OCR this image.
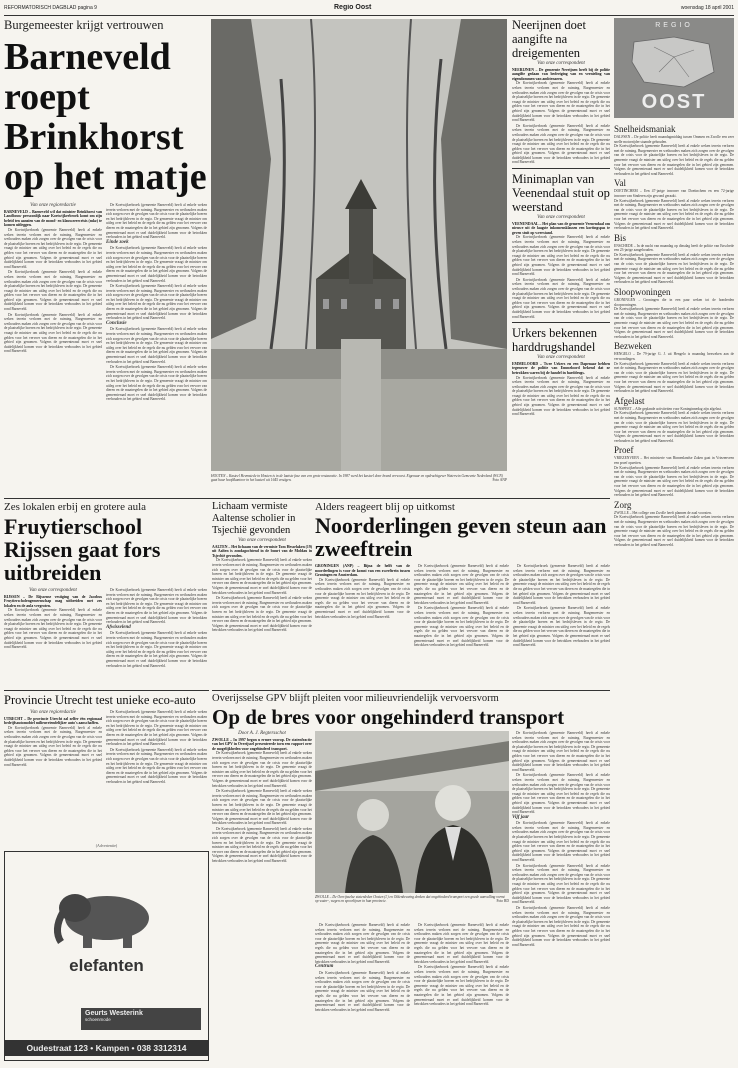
REFORMATORISCH DAGBLAD pagina 9	Regio Oost	woensdag 18 april 2001
Burgemeester krijgt vertrouwen
Barneveld roept Brinkhorst op het matje
Van onze regioredactie
BARNEVELD – Barneveld wil dat minister Brinkhorst van Landbouw persoonlijk naar Koetwijkerbroek komt om zijn beleid ten aanzien van de mond- en klauwzeercrisis (mkz) te komen uitleggen.

De Koetwijkerbroek (gemeente Barneveld) heeft al enkele weken terrein verloren met de ruiming. Burgemeester en wethouders maken zich zorgen over de gevolgen van de crisis voor de plaatselijke boeren en het bedrijfsleven in de regio. De gemeente vraagt de minister om uitleg over het beleid en de regels die nu gelden voor het vervoer van dieren en de maatregelen die in het gebied zijn genomen. Volgens de gemeenteraad moet er snel duidelijkheid komen voor de betrokken veehouders in het gebied rond Barneveld.

De Koetwijkerbroek (gemeente Barneveld) heeft al enkele weken terrein verloren met de ruiming. Burgemeester en wethouders maken zich zorgen over de gevolgen van de crisis voor de plaatselijke boeren en het bedrijfsleven in de regio. De gemeente vraagt de minister om uitleg over het beleid en de regels die nu gelden voor het vervoer van dieren en de maatregelen die in het gebied zijn genomen. Volgens de gemeenteraad moet er snel duidelijkheid komen voor de betrokken veehouders in het gebied rond Barneveld.

De Koetwijkerbroek (gemeente Barneveld) heeft al enkele weken terrein verloren met de ruiming. Burgemeester en wethouders maken zich zorgen over de gevolgen van de crisis voor de plaatselijke boeren en het bedrijfsleven in de regio. De gemeente vraagt de minister om uitleg over het beleid en de regels die nu gelden voor het vervoer van dieren en de maatregelen die in het gebied zijn genomen. Volgens de gemeenteraad moet er snel duidelijkheid komen voor de betrokken veehouders in het gebied rond Barneveld.

De Koetwijkerbroek (gemeente Barneveld) heeft al enkele weken terrein verloren met de ruiming. Burgemeester en wethouders maken zich zorgen over de gevolgen van de crisis voor de plaatselijke boeren en het bedrijfsleven in de regio. De gemeente vraagt de minister om uitleg over het beleid en de regels die nu gelden voor het vervoer van dieren en de maatregelen die in het gebied zijn genomen. Volgens de gemeenteraad moet er snel duidelijkheid komen voor de betrokken veehouders in het gebied rond Barneveld.

Einde zoek

De Koetwijkerbroek (gemeente Barneveld) heeft al enkele weken terrein verloren met de ruiming. Burgemeester en wethouders maken zich zorgen over de gevolgen van de crisis voor de plaatselijke boeren en het bedrijfsleven in de regio. De gemeente vraagt de minister om uitleg over het beleid en de regels die nu gelden voor het vervoer van dieren en de maatregelen die in het gebied zijn genomen. Volgens de gemeenteraad moet er snel duidelijkheid komen voor de betrokken veehouders in het gebied rond Barneveld.

De Koetwijkerbroek (gemeente Barneveld) heeft al enkele weken terrein verloren met de ruiming. Burgemeester en wethouders maken zich zorgen over de gevolgen van de crisis voor de plaatselijke boeren en het bedrijfsleven in de regio. De gemeente vraagt de minister om uitleg over het beleid en de regels die nu gelden voor het vervoer van dieren en de maatregelen die in het gebied zijn genomen. Volgens de gemeenteraad moet er snel duidelijkheid komen voor de betrokken veehouders in het gebied rond Barneveld.

Conclusie

De Koetwijkerbroek (gemeente Barneveld) heeft al enkele weken terrein verloren met de ruiming. Burgemeester en wethouders maken zich zorgen over de gevolgen van de crisis voor de plaatselijke boeren en het bedrijfsleven in de regio. De gemeente vraagt de minister om uitleg over het beleid en de regels die nu gelden voor het vervoer van dieren en de maatregelen die in het gebied zijn genomen. Volgens de gemeenteraad moet er snel duidelijkheid komen voor de betrokken veehouders in het gebied rond Barneveld.

De Koetwijkerbroek (gemeente Barneveld) heeft al enkele weken terrein verloren met de ruiming. Burgemeester en wethouders maken zich zorgen over de gevolgen van de crisis voor de plaatselijke boeren en het bedrijfsleven in de regio. De gemeente vraagt de minister om uitleg over het beleid en de regels die nu gelden voor het vervoer van dieren en de maatregelen die in het gebied zijn genomen. Volgens de gemeenteraad moet er snel duidelijkheid komen voor de betrokken veehouders in het gebied rond Barneveld.

HOUTEN – Kasteel Heemstede in Houten is in de laatste fase van een grote restauratie. In 1987 werd het kasteel door brand verwoest. Eigenaar en opdrachtgever Waterwin Gemeente Nederland (WCN) gaat haar hoofdkantoor in het kasteel uit 1645 vestigen.	Foto ANP
Neerijnen doet aangifte na dreigementen
Van onze correspondent
NEERIJNEN – De gemeente Neerijnen heeft bij de politie aangifte gedaan van bedreiging van en vernieling van eigendommen van ambtenaren.

De Koetwijkerbroek (gemeente Barneveld) heeft al enkele weken terrein verloren met de ruiming. Burgemeester en wethouders maken zich zorgen over de gevolgen van de crisis voor de plaatselijke boeren en het bedrijfsleven in de regio. De gemeente vraagt de minister om uitleg over het beleid en de regels die nu gelden voor het vervoer van dieren en de maatregelen die in het gebied zijn genomen. Volgens de gemeenteraad moet er snel duidelijkheid komen voor de betrokken veehouders in het gebied rond Barneveld.

De Koetwijkerbroek (gemeente Barneveld) heeft al enkele weken terrein verloren met de ruiming. Burgemeester en wethouders maken zich zorgen over de gevolgen van de crisis voor de plaatselijke boeren en het bedrijfsleven in de regio. De gemeente vraagt de minister om uitleg over het beleid en de regels die nu gelden voor het vervoer van dieren en de maatregelen die in het gebied zijn genomen. Volgens de gemeenteraad moet er snel duidelijkheid komen voor de betrokken veehouders in het gebied rond Barneveld.

Minimaplan van Veenendaal stuit op weerstand
Van onze correspondent
VEENENDAAL – Het plan van de gemeente Veenendaal om nieuwe uit de laagste inkomensklassen een kortingspas te geven stuit op weerstand.

De Koetwijkerbroek (gemeente Barneveld) heeft al enkele weken terrein verloren met de ruiming. Burgemeester en wethouders maken zich zorgen over de gevolgen van de crisis voor de plaatselijke boeren en het bedrijfsleven in de regio. De gemeente vraagt de minister om uitleg over het beleid en de regels die nu gelden voor het vervoer van dieren en de maatregelen die in het gebied zijn genomen. Volgens de gemeenteraad moet er snel duidelijkheid komen voor de betrokken veehouders in het gebied rond Barneveld.

De Koetwijkerbroek (gemeente Barneveld) heeft al enkele weken terrein verloren met de ruiming. Burgemeester en wethouders maken zich zorgen over de gevolgen van de crisis voor de plaatselijke boeren en het bedrijfsleven in de regio. De gemeente vraagt de minister om uitleg over het beleid en de regels die nu gelden voor het vervoer van dieren en de maatregelen die in het gebied zijn genomen. Volgens de gemeenteraad moet er snel duidelijkheid komen voor de betrokken veehouders in het gebied rond Barneveld.

Urkers bekennen harddrugshandel
Van onze correspondent
EMMELOORD – Twee Urkers en een Dapenaar hebben tegenover de politie van Emmeloord bekend dat ze betrokken waren bij de handel in harddrugs.

De Koetwijkerbroek (gemeente Barneveld) heeft al enkele weken terrein verloren met de ruiming. Burgemeester en wethouders maken zich zorgen over de gevolgen van de crisis voor de plaatselijke boeren en het bedrijfsleven in de regio. De gemeente vraagt de minister om uitleg over het beleid en de regels die nu gelden voor het vervoer van dieren en de maatregelen die in het gebied zijn genomen. Volgens de gemeenteraad moet er snel duidelijkheid komen voor de betrokken veehouders in het gebied rond Barneveld.

REGIO
OOST
Snelheidsmaniak
DALFSEN – De politie heeft maandagmiddag tussen Ommen en Zwolle een zeer snelle motorrijder staande gehouden.
De Koetwijkerbroek (gemeente Barneveld) heeft al enkele weken terrein verloren met de ruiming. Burgemeester en wethouders maken zich zorgen over de gevolgen van de crisis voor de plaatselijke boeren en het bedrijfsleven in de regio. De gemeente vraagt de minister om uitleg over het beleid en de regels die nu gelden voor het vervoer van dieren en de maatregelen die in het gebied zijn genomen. Volgens de gemeenteraad moet er snel duidelijkheid komen voor de betrokken veehouders in het gebied rond Barneveld.
Val
DOETINCHEM – Een 47-jarige inwoner van Doetinchem en een 72-jarige inwoner van Sinderen zijn gewond geraakt.
De Koetwijkerbroek (gemeente Barneveld) heeft al enkele weken terrein verloren met de ruiming. Burgemeester en wethouders maken zich zorgen over de gevolgen van de crisis voor de plaatselijke boeren en het bedrijfsleven in de regio. De gemeente vraagt de minister om uitleg over het beleid en de regels die nu gelden voor het vervoer van dieren en de maatregelen die in het gebied zijn genomen. Volgens de gemeenteraad moet er snel duidelijkheid komen voor de betrokken veehouders in het gebied rond Barneveld.
Bis
ENSCHEDE – In de nacht van maandag op dinsdag heeft de politie van Enschede een 23-jarige aangehouden.
De Koetwijkerbroek (gemeente Barneveld) heeft al enkele weken terrein verloren met de ruiming. Burgemeester en wethouders maken zich zorgen over de gevolgen van de crisis voor de plaatselijke boeren en het bedrijfsleven in de regio. De gemeente vraagt de minister om uitleg over het beleid en de regels die nu gelden voor het vervoer van dieren en de maatregelen die in het gebied zijn genomen. Volgens de gemeenteraad moet er snel duidelijkheid komen voor de betrokken veehouders in het gebied rond Barneveld.
Sloopwoningen
GRONINGEN – Groningen die in een paar weken tot de honderden sloopwoningen.
De Koetwijkerbroek (gemeente Barneveld) heeft al enkele weken terrein verloren met de ruiming. Burgemeester en wethouders maken zich zorgen over de gevolgen van de crisis voor de plaatselijke boeren en het bedrijfsleven in de regio. De gemeente vraagt de minister om uitleg over het beleid en de regels die nu gelden voor het vervoer van dieren en de maatregelen die in het gebied zijn genomen. Volgens de gemeenteraad moet er snel duidelijkheid komen voor de betrokken veehouders in het gebied rond Barneveld.
Bezweken
HENGELO – De 79-jarige G. J. uit Hengelo is maandag bezweken aan de verwondingen.
De Koetwijkerbroek (gemeente Barneveld) heeft al enkele weken terrein verloren met de ruiming. Burgemeester en wethouders maken zich zorgen over de gevolgen van de crisis voor de plaatselijke boeren en het bedrijfsleven in de regio. De gemeente vraagt de minister om uitleg over het beleid en de regels die nu gelden voor het vervoer van dieren en de maatregelen die in het gebied zijn genomen. Volgens de gemeenteraad moet er snel duidelijkheid komen voor de betrokken veehouders in het gebied rond Barneveld.
Afgelast
SUNSPEET – Alle geplande activiteiten voor Koninginnedag zijn afgelast.
De Koetwijkerbroek (gemeente Barneveld) heeft al enkele weken terrein verloren met de ruiming. Burgemeester en wethouders maken zich zorgen over de gevolgen van de crisis voor de plaatselijke boeren en het bedrijfsleven in de regio. De gemeente vraagt de minister om uitleg over het beleid en de regels die nu gelden voor het vervoer van dieren en de maatregelen die in het gebied zijn genomen. Volgens de gemeenteraad moet er snel duidelijkheid komen voor de betrokken veehouders in het gebied rond Barneveld.
Proef
VRIEZENVEEN – Het ministerie van Binnenlandse Zaken gaat in Vriezenveen een proef opzetten.
De Koetwijkerbroek (gemeente Barneveld) heeft al enkele weken terrein verloren met de ruiming. Burgemeester en wethouders maken zich zorgen over de gevolgen van de crisis voor de plaatselijke boeren en het bedrijfsleven in de regio. De gemeente vraagt de minister om uitleg over het beleid en de regels die nu gelden voor het vervoer van dieren en de maatregelen die in het gebied zijn genomen. Volgens de gemeenteraad moet er snel duidelijkheid komen voor de betrokken veehouders in het gebied rond Barneveld.
Zorg
ZWOLLE – Het college van Zwolle heeft plannen de zaal voorzien.
De Koetwijkerbroek (gemeente Barneveld) heeft al enkele weken terrein verloren met de ruiming. Burgemeester en wethouders maken zich zorgen over de gevolgen van de crisis voor de plaatselijke boeren en het bedrijfsleven in de regio. De gemeente vraagt de minister om uitleg over het beleid en de regels die nu gelden voor het vervoer van dieren en de maatregelen die in het gebied zijn genomen. Volgens de gemeenteraad moet er snel duidelijkheid komen voor de betrokken veehouders in het gebied rond Barneveld.
Zes lokalen erbij en grotere aula
Fruytierschool Rijssen gaat fors uitbreiden
Van onze correspondent
RIJSSEN – De Rijssense vestiging van de Jacobus Fruytierscholengemeenschap mag uitbreiden met zes lokalen en de aula vergroten.

De Koetwijkerbroek (gemeente Barneveld) heeft al enkele weken terrein verloren met de ruiming. Burgemeester en wethouders maken zich zorgen over de gevolgen van de crisis voor de plaatselijke boeren en het bedrijfsleven in de regio. De gemeente vraagt de minister om uitleg over het beleid en de regels die nu gelden voor het vervoer van dieren en de maatregelen die in het gebied zijn genomen. Volgens de gemeenteraad moet er snel duidelijkheid komen voor de betrokken veehouders in het gebied rond Barneveld.

De Koetwijkerbroek (gemeente Barneveld) heeft al enkele weken terrein verloren met de ruiming. Burgemeester en wethouders maken zich zorgen over de gevolgen van de crisis voor de plaatselijke boeren en het bedrijfsleven in de regio. De gemeente vraagt de minister om uitleg over het beleid en de regels die nu gelden voor het vervoer van dieren en de maatregelen die in het gebied zijn genomen. Volgens de gemeenteraad moet er snel duidelijkheid komen voor de betrokken veehouders in het gebied rond Barneveld.

Afwisselend

De Koetwijkerbroek (gemeente Barneveld) heeft al enkele weken terrein verloren met de ruiming. Burgemeester en wethouders maken zich zorgen over de gevolgen van de crisis voor de plaatselijke boeren en het bedrijfsleven in de regio. De gemeente vraagt de minister om uitleg over het beleid en de regels die nu gelden voor het vervoer van dieren en de maatregelen die in het gebied zijn genomen. Volgens de gemeenteraad moet er snel duidelijkheid komen voor de betrokken veehouders in het gebied rond Barneveld.

Lichaam vermiste Aaltense scholier in Tsjechië gevonden
Van onze correspondent
AALTEN – Het lichaam van de vermiste Tom Hesselaken (19) uit Aalten is zondagochtend in de buurt van de Moldau in Tsjechië gevonden.

De Koetwijkerbroek (gemeente Barneveld) heeft al enkele weken terrein verloren met de ruiming. Burgemeester en wethouders maken zich zorgen over de gevolgen van de crisis voor de plaatselijke boeren en het bedrijfsleven in de regio. De gemeente vraagt de minister om uitleg over het beleid en de regels die nu gelden voor het vervoer van dieren en de maatregelen die in het gebied zijn genomen. Volgens de gemeenteraad moet er snel duidelijkheid komen voor de betrokken veehouders in het gebied rond Barneveld.

De Koetwijkerbroek (gemeente Barneveld) heeft al enkele weken terrein verloren met de ruiming. Burgemeester en wethouders maken zich zorgen over de gevolgen van de crisis voor de plaatselijke boeren en het bedrijfsleven in de regio. De gemeente vraagt de minister om uitleg over het beleid en de regels die nu gelden voor het vervoer van dieren en de maatregelen die in het gebied zijn genomen. Volgens de gemeenteraad moet er snel duidelijkheid komen voor de betrokken veehouders in het gebied rond Barneveld.

Alders reageert blij op uitkomst
Noorderlingen geven steun aan zweeftrein
GRONINGEN (ANP) – Bijna de helft van de noorderlingen is voor de komst van een zweeftrein tussen Groningen en Amsterdam.

De Koetwijkerbroek (gemeente Barneveld) heeft al enkele weken terrein verloren met de ruiming. Burgemeester en wethouders maken zich zorgen over de gevolgen van de crisis voor de plaatselijke boeren en het bedrijfsleven in de regio. De gemeente vraagt de minister om uitleg over het beleid en de regels die nu gelden voor het vervoer van dieren en de maatregelen die in het gebied zijn genomen. Volgens de gemeenteraad moet er snel duidelijkheid komen voor de betrokken veehouders in het gebied rond Barneveld.

De Koetwijkerbroek (gemeente Barneveld) heeft al enkele weken terrein verloren met de ruiming. Burgemeester en wethouders maken zich zorgen over de gevolgen van de crisis voor de plaatselijke boeren en het bedrijfsleven in de regio. De gemeente vraagt de minister om uitleg over het beleid en de regels die nu gelden voor het vervoer van dieren en de maatregelen die in het gebied zijn genomen. Volgens de gemeenteraad moet er snel duidelijkheid komen voor de betrokken veehouders in het gebied rond Barneveld.

De Koetwijkerbroek (gemeente Barneveld) heeft al enkele weken terrein verloren met de ruiming. Burgemeester en wethouders maken zich zorgen over de gevolgen van de crisis voor de plaatselijke boeren en het bedrijfsleven in de regio. De gemeente vraagt de minister om uitleg over het beleid en de regels die nu gelden voor het vervoer van dieren en de maatregelen die in het gebied zijn genomen. Volgens de gemeenteraad moet er snel duidelijkheid komen voor de betrokken veehouders in het gebied rond Barneveld.

De Koetwijkerbroek (gemeente Barneveld) heeft al enkele weken terrein verloren met de ruiming. Burgemeester en wethouders maken zich zorgen over de gevolgen van de crisis voor de plaatselijke boeren en het bedrijfsleven in de regio. De gemeente vraagt de minister om uitleg over het beleid en de regels die nu gelden voor het vervoer van dieren en de maatregelen die in het gebied zijn genomen. Volgens de gemeenteraad moet er snel duidelijkheid komen voor de betrokken veehouders in het gebied rond Barneveld.

De Koetwijkerbroek (gemeente Barneveld) heeft al enkele weken terrein verloren met de ruiming. Burgemeester en wethouders maken zich zorgen over de gevolgen van de crisis voor de plaatselijke boeren en het bedrijfsleven in de regio. De gemeente vraagt de minister om uitleg over het beleid en de regels die nu gelden voor het vervoer van dieren en de maatregelen die in het gebied zijn genomen. Volgens de gemeenteraad moet er snel duidelijkheid komen voor de betrokken veehouders in het gebied rond Barneveld.

Provincie Utrecht test unieke eco-auto
Van onze regioredactie
UTRECHT – De provincie Utrecht zal zelfer één regionaal bedrijfsautomobiel milieuvriendelijker auto's aanschaffen.

De Koetwijkerbroek (gemeente Barneveld) heeft al enkele weken terrein verloren met de ruiming. Burgemeester en wethouders maken zich zorgen over de gevolgen van de crisis voor de plaatselijke boeren en het bedrijfsleven in de regio. De gemeente vraagt de minister om uitleg over het beleid en de regels die nu gelden voor het vervoer van dieren en de maatregelen die in het gebied zijn genomen. Volgens de gemeenteraad moet er snel duidelijkheid komen voor de betrokken veehouders in het gebied rond Barneveld.

De Koetwijkerbroek (gemeente Barneveld) heeft al enkele weken terrein verloren met de ruiming. Burgemeester en wethouders maken zich zorgen over de gevolgen van de crisis voor de plaatselijke boeren en het bedrijfsleven in de regio. De gemeente vraagt de minister om uitleg over het beleid en de regels die nu gelden voor het vervoer van dieren en de maatregelen die in het gebied zijn genomen. Volgens de gemeenteraad moet er snel duidelijkheid komen voor de betrokken veehouders in het gebied rond Barneveld.

De Koetwijkerbroek (gemeente Barneveld) heeft al enkele weken terrein verloren met de ruiming. Burgemeester en wethouders maken zich zorgen over de gevolgen van de crisis voor de plaatselijke boeren en het bedrijfsleven in de regio. De gemeente vraagt de minister om uitleg over het beleid en de regels die nu gelden voor het vervoer van dieren en de maatregelen die in het gebied zijn genomen. Volgens de gemeenteraad moet er snel duidelijkheid komen voor de betrokken veehouders in het gebied rond Barneveld.

(Advertentie)
elefanten
Geurts Westerink
schoenmode
Oudestraat 123 • Kampen • 038 3312314
Overijsselse GPV blijft pleiten voor milieuvriendelijk vervoersvorm
Op de bres voor ongehinderd transport
Door A. J. Regtersschot
ZWOLLE – In 1997 begon u ermee voorop. De statenfractie van het GPV in Overijssel presenteerde toen een rapport over de mogelijkheden voor ongehinderd transport.

De Koetwijkerbroek (gemeente Barneveld) heeft al enkele weken terrein verloren met de ruiming. Burgemeester en wethouders maken zich zorgen over de gevolgen van de crisis voor de plaatselijke boeren en het bedrijfsleven in de regio. De gemeente vraagt de minister om uitleg over het beleid en de regels die nu gelden voor het vervoer van dieren en de maatregelen die in het gebied zijn genomen. Volgens de gemeenteraad moet er snel duidelijkheid komen voor de betrokken veehouders in het gebied rond Barneveld.

De Koetwijkerbroek (gemeente Barneveld) heeft al enkele weken terrein verloren met de ruiming. Burgemeester en wethouders maken zich zorgen over de gevolgen van de crisis voor de plaatselijke boeren en het bedrijfsleven in de regio. De gemeente vraagt de minister om uitleg over het beleid en de regels die nu gelden voor het vervoer van dieren en de maatregelen die in het gebied zijn genomen. Volgens de gemeenteraad moet er snel duidelijkheid komen voor de betrokken veehouders in het gebied rond Barneveld.

De Koetwijkerbroek (gemeente Barneveld) heeft al enkele weken terrein verloren met de ruiming. Burgemeester en wethouders maken zich zorgen over de gevolgen van de crisis voor de plaatselijke boeren en het bedrijfsleven in de regio. De gemeente vraagt de minister om uitleg over het beleid en de regels die nu gelden voor het vervoer van dieren en de maatregelen die in het gebied zijn genomen. Volgens de gemeenteraad moet er snel duidelijkheid komen voor de betrokken veehouders in het gebied rond Barneveld.

ZWOLLE – De Overijsselse statenleden Oosten (l.) en Oldenbeuving denken dat ongehinderd transport een goede aanvulling vormt op water-, wegen en spoorlijnen in hun provincie.	Foto RD

De Koetwijkerbroek (gemeente Barneveld) heeft al enkele weken terrein verloren met de ruiming. Burgemeester en wethouders maken zich zorgen over de gevolgen van de crisis voor de plaatselijke boeren en het bedrijfsleven in de regio. De gemeente vraagt de minister om uitleg over het beleid en de regels die nu gelden voor het vervoer van dieren en de maatregelen die in het gebied zijn genomen. Volgens de gemeenteraad moet er snel duidelijkheid komen voor de betrokken veehouders in het gebied rond Barneveld.

Centrum

De Koetwijkerbroek (gemeente Barneveld) heeft al enkele weken terrein verloren met de ruiming. Burgemeester en wethouders maken zich zorgen over de gevolgen van de crisis voor de plaatselijke boeren en het bedrijfsleven in de regio. De gemeente vraagt de minister om uitleg over het beleid en de regels die nu gelden voor het vervoer van dieren en de maatregelen die in het gebied zijn genomen. Volgens de gemeenteraad moet er snel duidelijkheid komen voor de betrokken veehouders in het gebied rond Barneveld.

De Koetwijkerbroek (gemeente Barneveld) heeft al enkele weken terrein verloren met de ruiming. Burgemeester en wethouders maken zich zorgen over de gevolgen van de crisis voor de plaatselijke boeren en het bedrijfsleven in de regio. De gemeente vraagt de minister om uitleg over het beleid en de regels die nu gelden voor het vervoer van dieren en de maatregelen die in het gebied zijn genomen. Volgens de gemeenteraad moet er snel duidelijkheid komen voor de betrokken veehouders in het gebied rond Barneveld.

De Koetwijkerbroek (gemeente Barneveld) heeft al enkele weken terrein verloren met de ruiming. Burgemeester en wethouders maken zich zorgen over de gevolgen van de crisis voor de plaatselijke boeren en het bedrijfsleven in de regio. De gemeente vraagt de minister om uitleg over het beleid en de regels die nu gelden voor het vervoer van dieren en de maatregelen die in het gebied zijn genomen. Volgens de gemeenteraad moet er snel duidelijkheid komen voor de betrokken veehouders in het gebied rond Barneveld.

De Koetwijkerbroek (gemeente Barneveld) heeft al enkele weken terrein verloren met de ruiming. Burgemeester en wethouders maken zich zorgen over de gevolgen van de crisis voor de plaatselijke boeren en het bedrijfsleven in de regio. De gemeente vraagt de minister om uitleg over het beleid en de regels die nu gelden voor het vervoer van dieren en de maatregelen die in het gebied zijn genomen. Volgens de gemeenteraad moet er snel duidelijkheid komen voor de betrokken veehouders in het gebied rond Barneveld.

De Koetwijkerbroek (gemeente Barneveld) heeft al enkele weken terrein verloren met de ruiming. Burgemeester en wethouders maken zich zorgen over de gevolgen van de crisis voor de plaatselijke boeren en het bedrijfsleven in de regio. De gemeente vraagt de minister om uitleg over het beleid en de regels die nu gelden voor het vervoer van dieren en de maatregelen die in het gebied zijn genomen. Volgens de gemeenteraad moet er snel duidelijkheid komen voor de betrokken veehouders in het gebied rond Barneveld.

Vijf jaar

De Koetwijkerbroek (gemeente Barneveld) heeft al enkele weken terrein verloren met de ruiming. Burgemeester en wethouders maken zich zorgen over de gevolgen van de crisis voor de plaatselijke boeren en het bedrijfsleven in de regio. De gemeente vraagt de minister om uitleg over het beleid en de regels die nu gelden voor het vervoer van dieren en de maatregelen die in het gebied zijn genomen. Volgens de gemeenteraad moet er snel duidelijkheid komen voor de betrokken veehouders in het gebied rond Barneveld.

De Koetwijkerbroek (gemeente Barneveld) heeft al enkele weken terrein verloren met de ruiming. Burgemeester en wethouders maken zich zorgen over de gevolgen van de crisis voor de plaatselijke boeren en het bedrijfsleven in de regio. De gemeente vraagt de minister om uitleg over het beleid en de regels die nu gelden voor het vervoer van dieren en de maatregelen die in het gebied zijn genomen. Volgens de gemeenteraad moet er snel duidelijkheid komen voor de betrokken veehouders in het gebied rond Barneveld.

De Koetwijkerbroek (gemeente Barneveld) heeft al enkele weken terrein verloren met de ruiming. Burgemeester en wethouders maken zich zorgen over de gevolgen van de crisis voor de plaatselijke boeren en het bedrijfsleven in de regio. De gemeente vraagt de minister om uitleg over het beleid en de regels die nu gelden voor het vervoer van dieren en de maatregelen die in het gebied zijn genomen. Volgens de gemeenteraad moet er snel duidelijkheid komen voor de betrokken veehouders in het gebied rond Barneveld.
